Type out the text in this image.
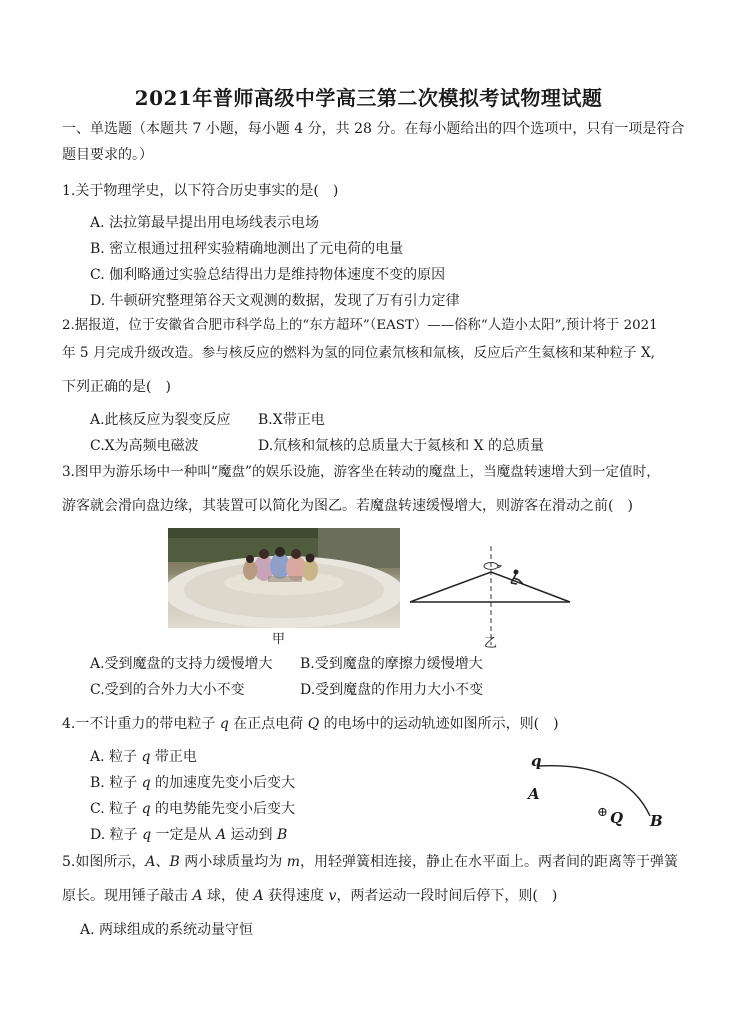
2021年普师高级中学高三第二次模拟考试物理试题
一、单选题（本题共 7 小题，每小题 4 分，共 28 分。在每小题给出的四个选项中，只有一项是符合
题目要求的。）
1.关于物理学史，以下符合历史事实的是(　)
A. 法拉第最早提出用电场线表示电场
B. 密立根通过扭秤实验精确地测出了元电荷的电量
C. 伽利略通过实验总结得出力是维持物体速度不变的原因
D. 牛顿研究整理第谷天文观测的数据，发现了万有引力定律
2.据报道，位于安徽省合肥市科学岛上的“东方超环”（EAST）——俗称“人造小太阳”,预计将于 2021
年 5 月完成升级改造。参与核反应的燃料为氢的同位素氘核和氚核，反应后产生氦核和某种粒子 X,
下列正确的是(　)
A.此核反应为裂变反应 B.X带正电
C.X为高频电磁波	D.氘核和氚核的总质量大于氦核和 X 的总质量
3.图甲为游乐场中一种叫“魔盘”的娱乐设施，游客坐在转动的魔盘上，当魔盘转速增大到一定值时，
游客就会滑向盘边缘，其装置可以简化为图乙。若魔盘转速缓慢增大，则游客在滑动之前(　)
甲	乙
A.受到魔盘的支持力缓慢增大 B.受到魔盘的摩擦力缓慢增大
C.受到的合外力大小不变	D.受到魔盘的作用力大小不变
4.一不计重力的带电粒子 q 在正点电荷 Q 的电场中的运动轨迹如图所示，则(　)
A. 粒子 q 带正电
B. 粒子 q 的加速度先变小后变大
C. 粒子 q 的电势能先变小后变大
D. 粒子 q 一定是从 A 运动到 B
q
A
⊕ Q B
5.如图所示，A、B 两小球质量均为 m，用轻弹簧相连接，静止在水平面上。两者间的距离等于弹簧
原长。现用锤子敲击 A 球，使 A 获得速度 v，两者运动一段时间后停下，则(　)
A. 两球组成的系统动量守恒
